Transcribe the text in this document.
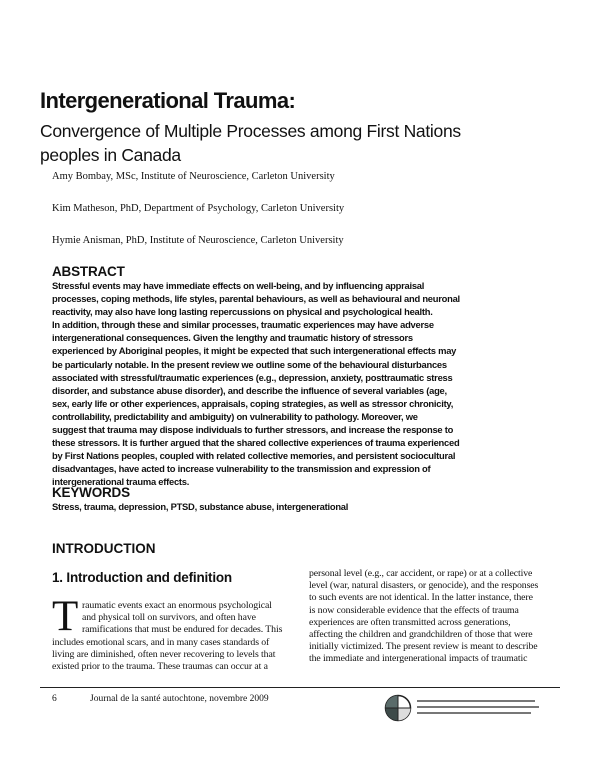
Intergenerational Trauma:
Convergence of Multiple Processes among First Nations peoples in Canada
Amy Bombay, MSc, Institute of Neuroscience, Carleton University
Kim Matheson, PhD, Department of Psychology, Carleton University
Hymie Anisman, PhD, Institute of Neuroscience, Carleton University
ABSTRACT
Stressful events may have immediate effects on well-being, and by influencing appraisal
processes, coping methods, life styles, parental behaviours, as well as behavioural and neuronal
reactivity, may also have long lasting repercussions on physical and psychological health.
In addition, through these and similar processes, traumatic experiences may have adverse
intergenerational consequences. Given the lengthy and traumatic history of stressors
experienced by Aboriginal peoples, it might be expected that such intergenerational effects may
be particularly notable. In the present review we outline some of the behavioural disturbances
associated with stressful/traumatic experiences (e.g., depression, anxiety, posttraumatic stress
disorder, and substance abuse disorder), and describe the influence of several variables (age,
sex, early life or other experiences, appraisals, coping strategies, as well as stressor chronicity,
controllability, predictability and ambiguity) on vulnerability to pathology. Moreover, we
suggest that trauma may dispose individuals to further stressors, and increase the response to
these stressors. It is further argued that the shared collective experiences of trauma experienced
by First Nations peoples, coupled with related collective memories, and persistent sociocultural
disadvantages, have acted to increase vulnerability to the transmission and expression of
intergenerational trauma effects.
KEYWORDS
Stress, trauma, depression, PTSD, substance abuse, intergenerational
INTRODUCTION
1. Introduction and definition
T raumatic events exact an enormous psychological
and physical toll on survivors, and often have
ramifications that must be endured for decades. This
includes emotional scars, and in many cases standards of
living are diminished, often never recovering to levels that
existed prior to the trauma. These traumas can occur at a
personal level (e.g., car accident, or rape) or at a collective
level (war, natural disasters, or genocide), and the responses
to such events are not identical. In the latter instance, there
is now considerable evidence that the effects of trauma
experiences are often transmitted across generations,
affecting the children and grandchildren of those that were
initially victimized. The present review is meant to describe
the immediate and intergenerational impacts of traumatic
6	Journal de la santé autochtone, novembre 2009
